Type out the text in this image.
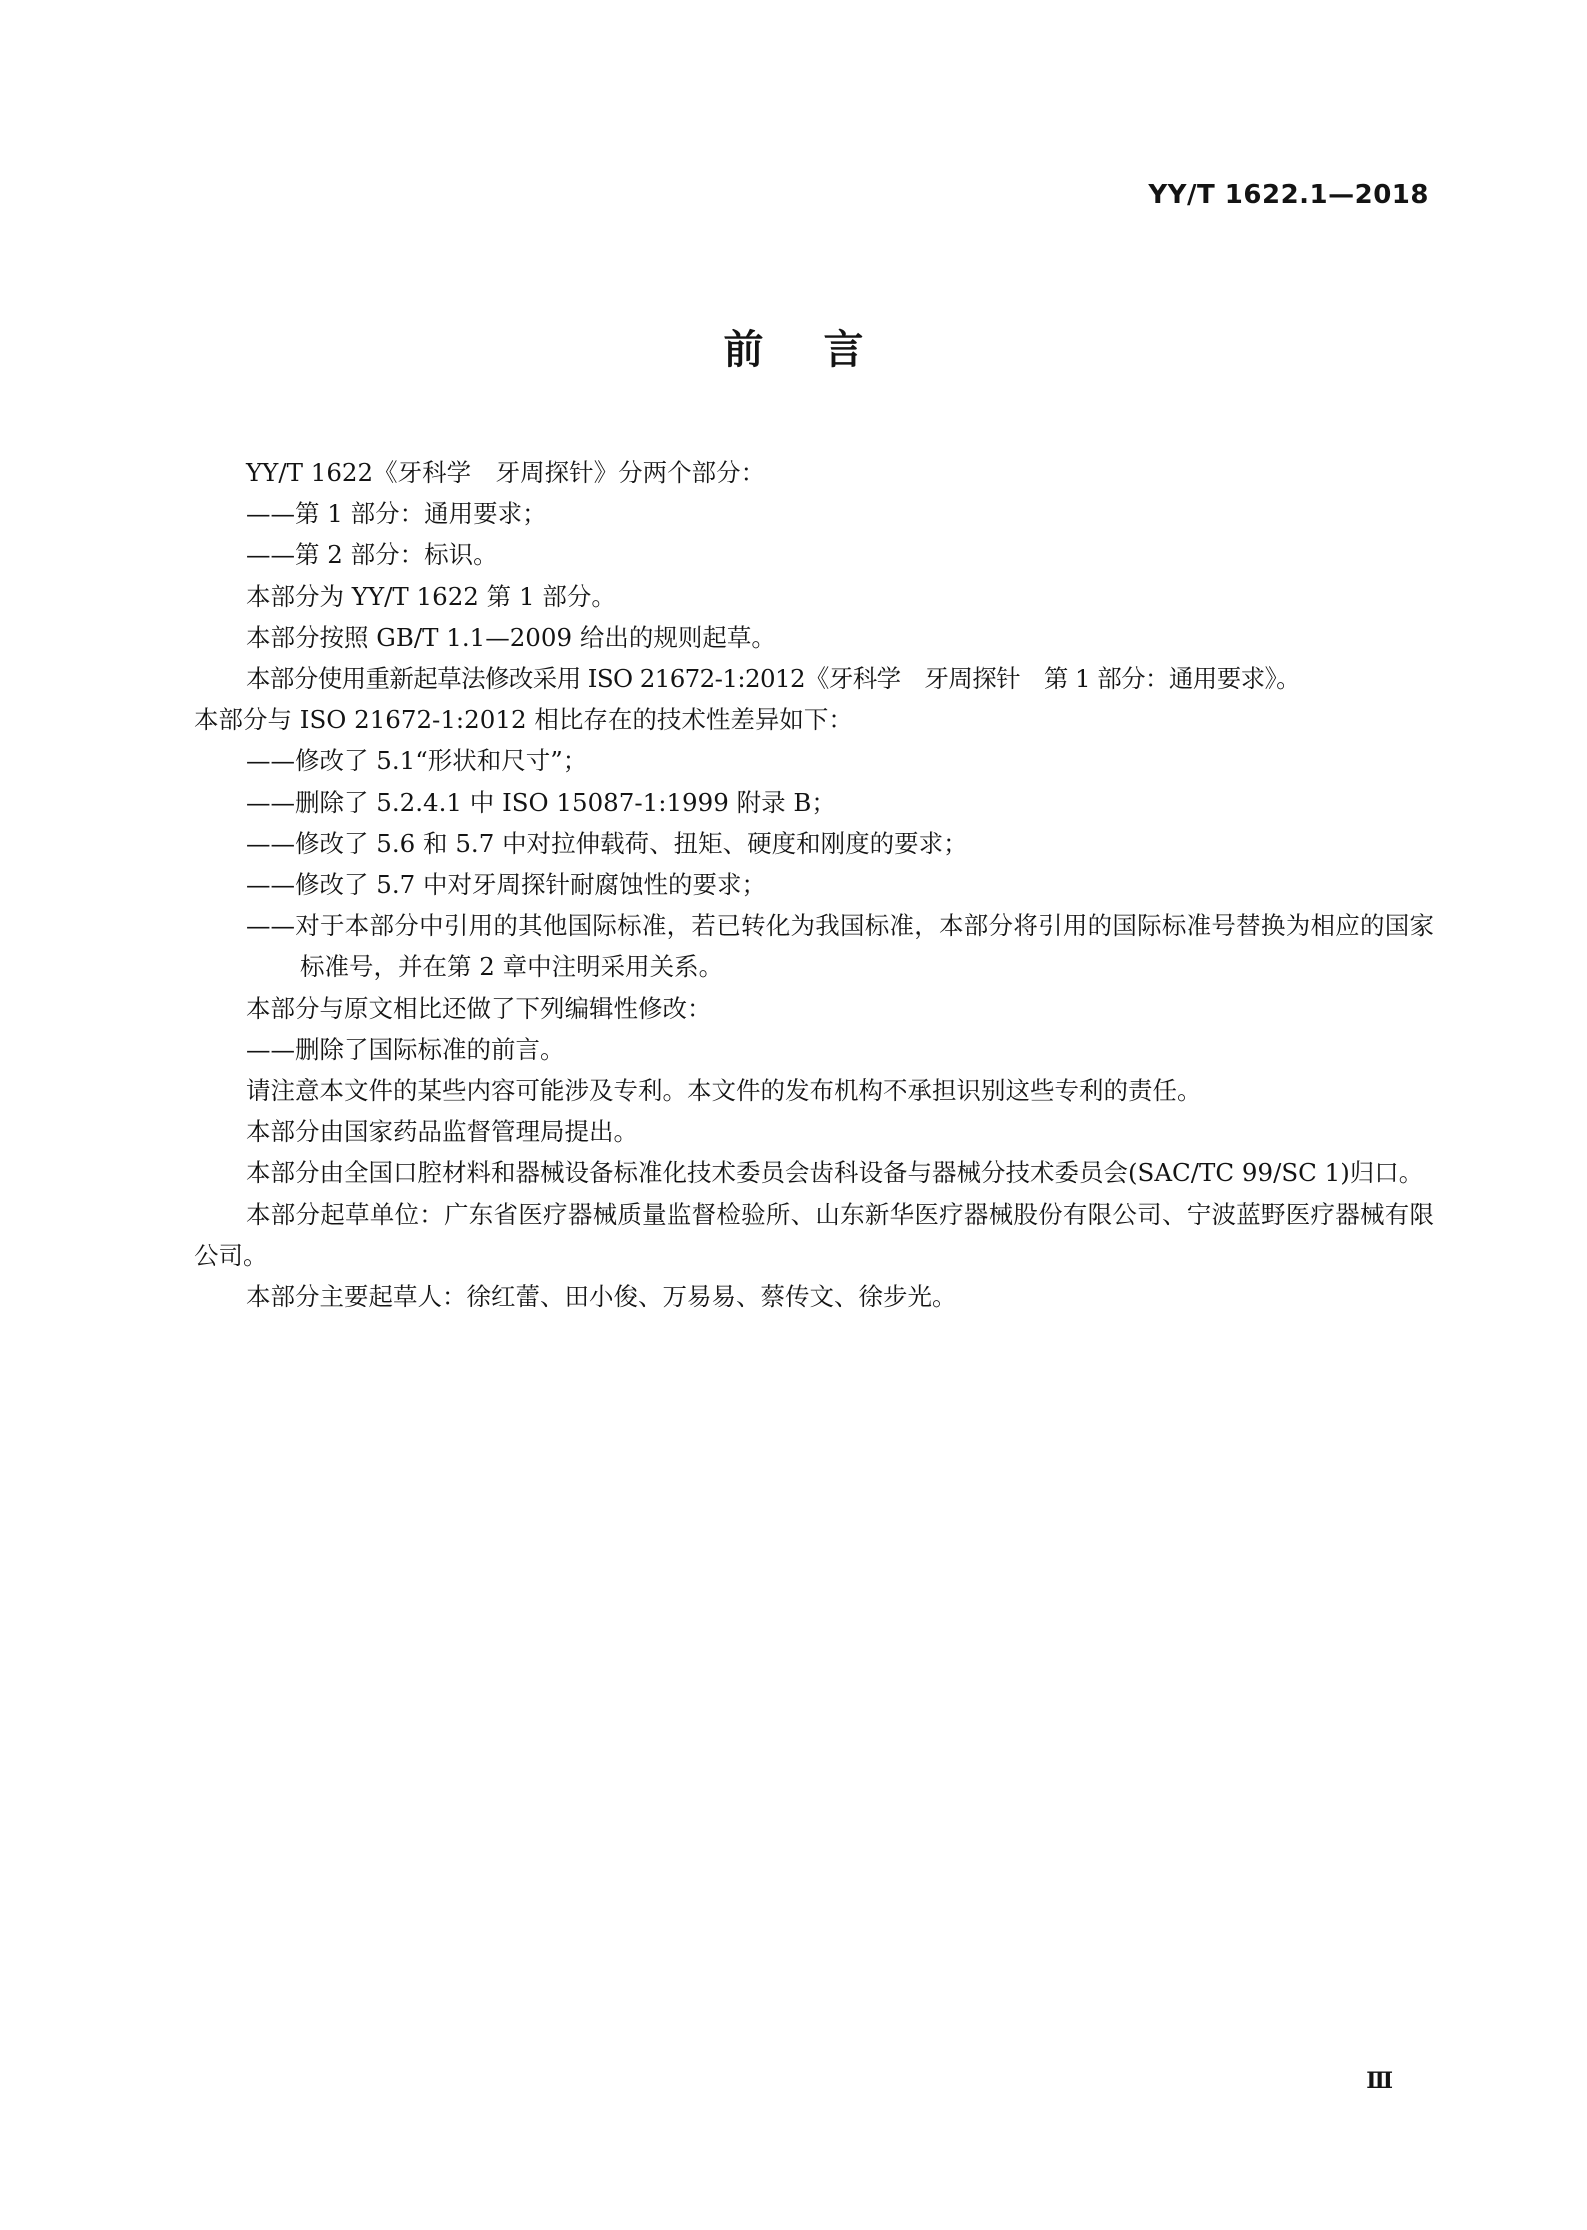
YY/T 1622.1—2018
前言

YY/T 1622《牙科学　牙周探针》分两个部分：

——第 1 部分：通用要求；

——第 2 部分：标识。

本部分为 YY/T 1622 第 1 部分。

本部分按照 GB/T 1.1—2009 给出的规则起草。

本部分使用重新起草法修改采用 ISO 21672-1:2012《牙科学　牙周探针　第 1 部分：通用要求》。

本部分与 ISO 21672-1:2012 相比存在的技术性差异如下：

——修改了 5.1“形状和尺寸”；

——删除了 5.2.4.1 中 ISO 15087-1:1999 附录 B；

——修改了 5.6 和 5.7 中对拉伸载荷、扭矩、硬度和刚度的要求；

——修改了 5.7 中对牙周探针耐腐蚀性的要求；

——对于本部分中引用的其他国际标准，若已转化为我国标准，本部分将引用的国际标准号替换为相应的国家标准号，并在第 2 章中注明采用关系。

本部分与原文相比还做了下列编辑性修改：

——删除了国际标准的前言。

请注意本文件的某些内容可能涉及专利。本文件的发布机构不承担识别这些专利的责任。

本部分由国家药品监督管理局提出。

本部分由全国口腔材料和器械设备标准化技术委员会齿科设备与器械分技术委员会(SAC/TC 99/SC 1)归口。

本部分起草单位：广东省医疗器械质量监督检验所、山东新华医疗器械股份有限公司、宁波蓝野医疗器械有限公司。

本部分主要起草人：徐红蕾、田小俊、万易易、蔡传文、徐步光。

Ⅲ
